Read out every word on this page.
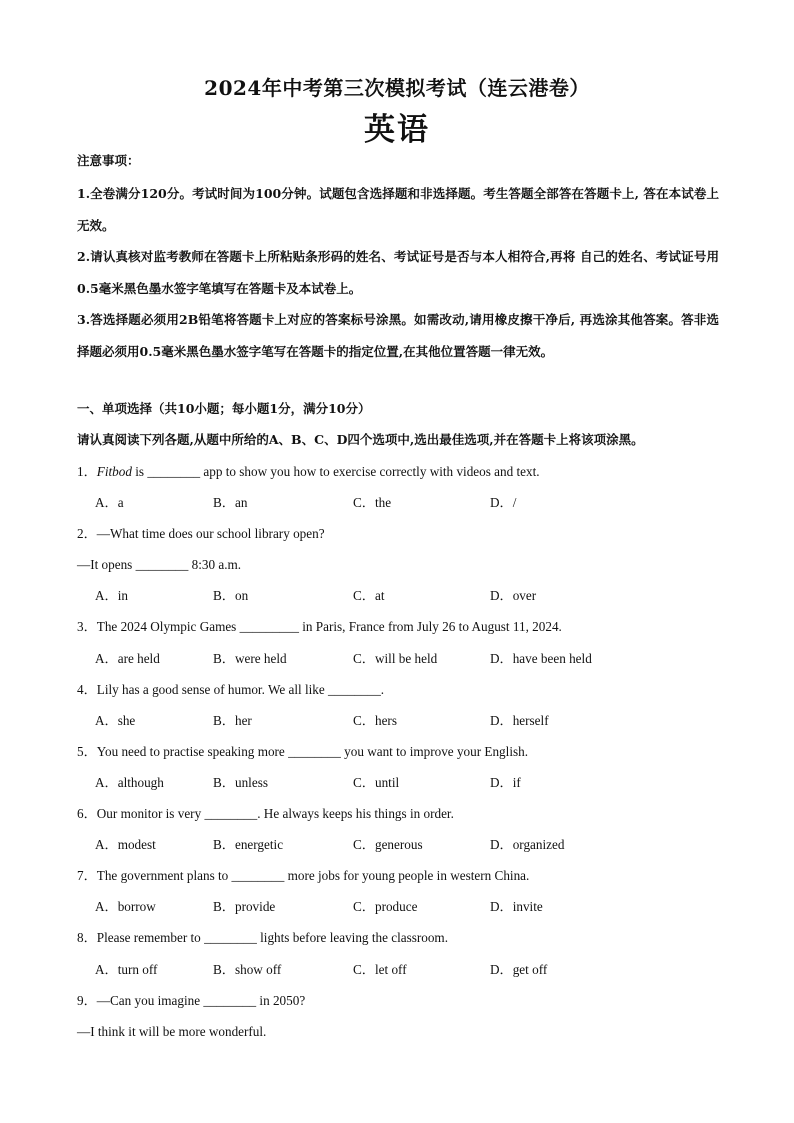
2024年中考第三次模拟考试（连云港卷）
英语
注意事项：

1.全卷满分120分。考试时间为100分钟。试题包含选择题和非选择题。考生答题全部答在答题卡上, 答在本试卷上无效。

2.请认真核对监考教师在答题卡上所粘贴条形码的姓名、考试证号是否与本人相符合,再将 自己的姓名、考试证号用0.5毫米黑色墨水签字笔填写在答题卡及本试卷上。

3.答选择题必须用2B铅笔将答题卡上对应的答案标号涂黑。如需改动,请用橡皮擦干净后, 再选涂其他答案。答非选择题必须用0.5毫米黑色墨水签字笔写在答题卡的指定位置,在其他位置答题一律无效。

一、单项选择（共10小题；每小题1分，满分10分）
请认真阅读下列各题,从题中所给的A、B、C、D四个选项中,选出最佳选项,并在答题卡上将该项涂黑。
1．Fitbod is ________ app to show you how to exercise correctly with videos and text.
A．a	B．an	C．the	D．/
2．—What time does our school library open?
—It opens ________ 8:30 a.m.
A．in	B．on	C．at	D．over
3．The 2024 Olympic Games _________ in Paris, France from July 26 to August 11, 2024.
A．are held	B．were held	C．will be held	D．have been held
4．Lily has a good sense of humor. We all like ________.
A．she	B．her	C．hers	D．herself
5．You need to practise speaking more ________ you want to improve your English.
A．although	B．unless	C．until	D．if
6．Our monitor is very ________. He always keeps his things in order.
A．modest	B．energetic	C．generous	D．organized
7．The government plans to ________ more jobs for young people in western China.
A．borrow	B．provide	C．produce	D．invite
8．Please remember to ________ lights before leaving the classroom.
A．turn off	B．show off	C．let off	D．get off
9．—Can you imagine ________ in 2050?
—I think it will be more wonderful.
